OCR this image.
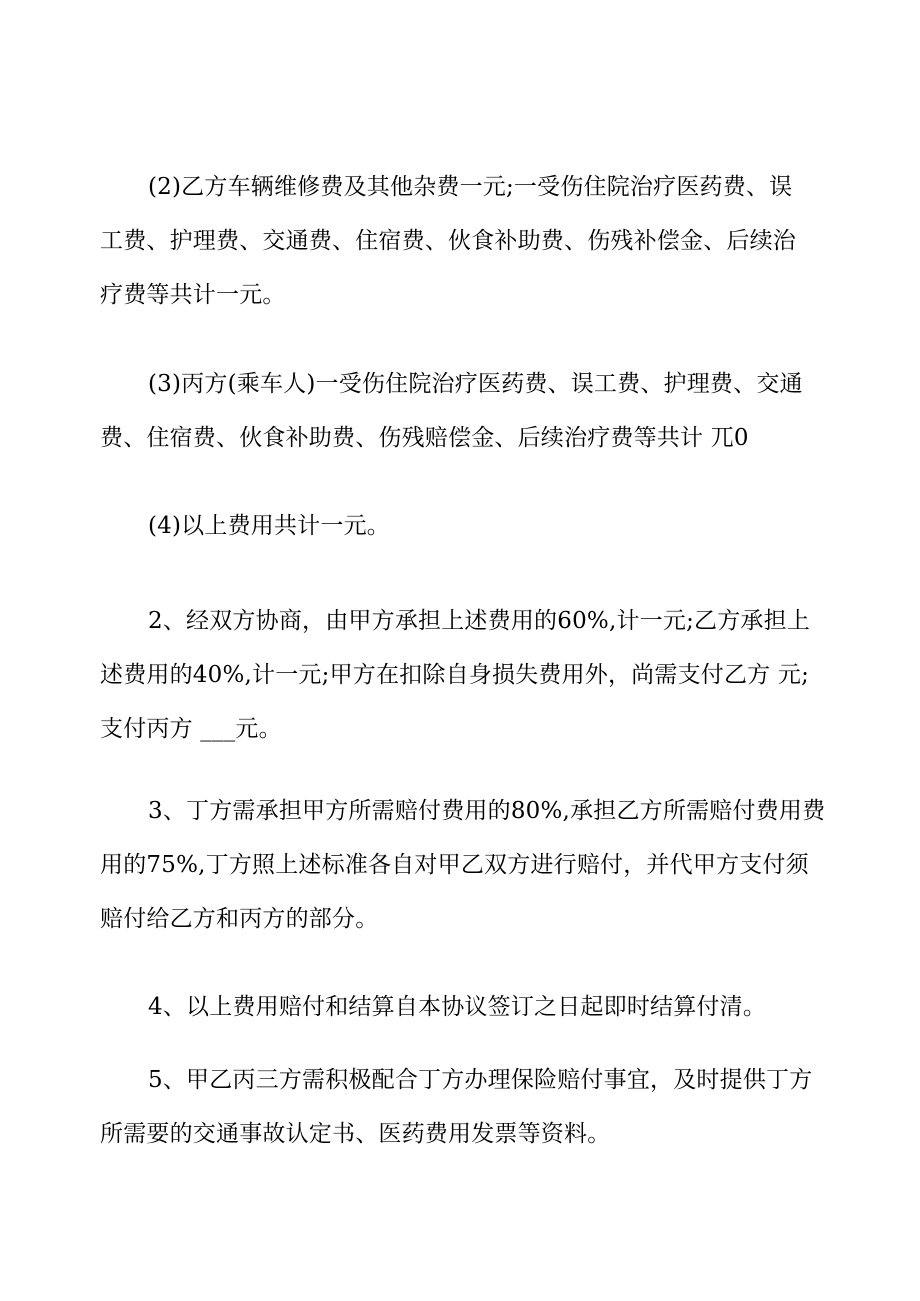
(2)乙方车辆维修费及其他杂费一元;一受伤住院治疗医药费、误
工费、护理费、交通费、住宿费、伙食补助费、伤残补偿金、后续治
疗费等共计一元。
(3)丙方(乘车人)一受伤住院治疗医药费、误工费、护理费、交通
费、住宿费、伙食补助费、伤残赔偿金、后续治疗费等共计 兀0
(4)以上费用共计一元。
2、经双方协商，由甲方承担上述费用的60%,计一元;乙方承担上
述费用的40%,计一元;甲方在扣除自身损失费用外，尚需支付乙方 元;
支付丙方 ___元。
3、丁方需承担甲方所需赔付费用的80%,承担乙方所需赔付费用费
用的75%,丁方照上述标准各自对甲乙双方进行赔付，并代甲方支付须
赔付给乙方和丙方的部分。
4、以上费用赔付和结算自本协议签订之日起即时结算付清。
5、甲乙丙三方需积极配合丁方办理保险赔付事宜，及时提供丁方
所需要的交通事故认定书、医药费用发票等资料。
